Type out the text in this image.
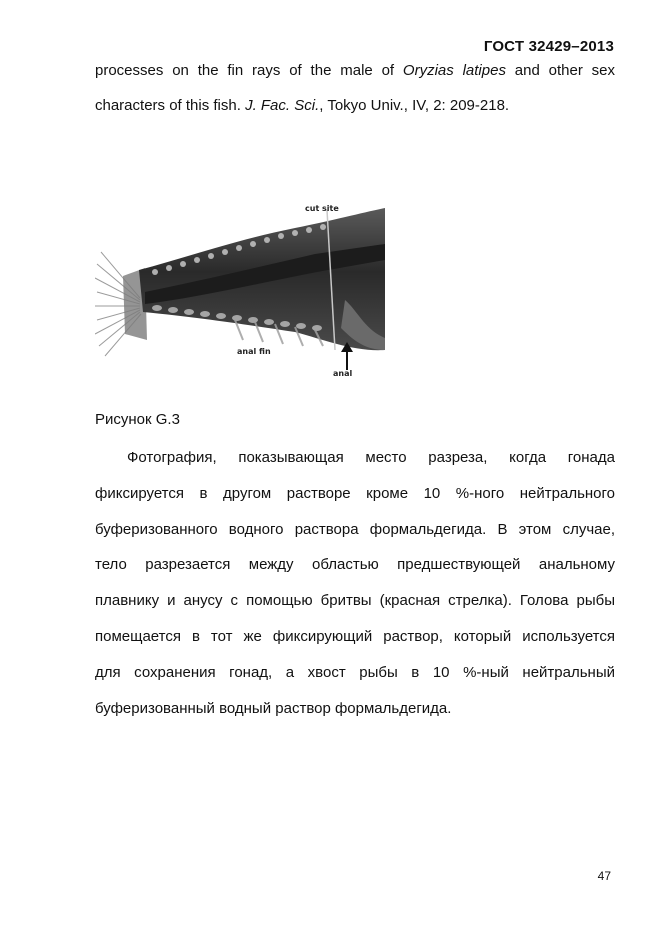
ГОСТ 32429–2013
processes on the fin rays of the male of Oryzias latipes and other sex
characters of this fish. J. Fac. Sci., Tokyo Univ., IV, 2: 209-218.
cut site
anal fin
anal
Рисунок G.3
Фотография, показывающая место разреза, когда гонада
фиксируется в другом растворе кроме 10 %-ного нейтрального
буферизованного водного раствора формальдегида. В этом случае,
тело разрезается между областью предшествующей анальному
плавнику и анусу с помощью бритвы (красная стрелка). Голова рыбы
помещается в тот же фиксирующий раствор, который используется
для сохранения гонад, а хвост рыбы в 10 %-ный нейтральный
буферизованный водный раствор формальдегида.
47
